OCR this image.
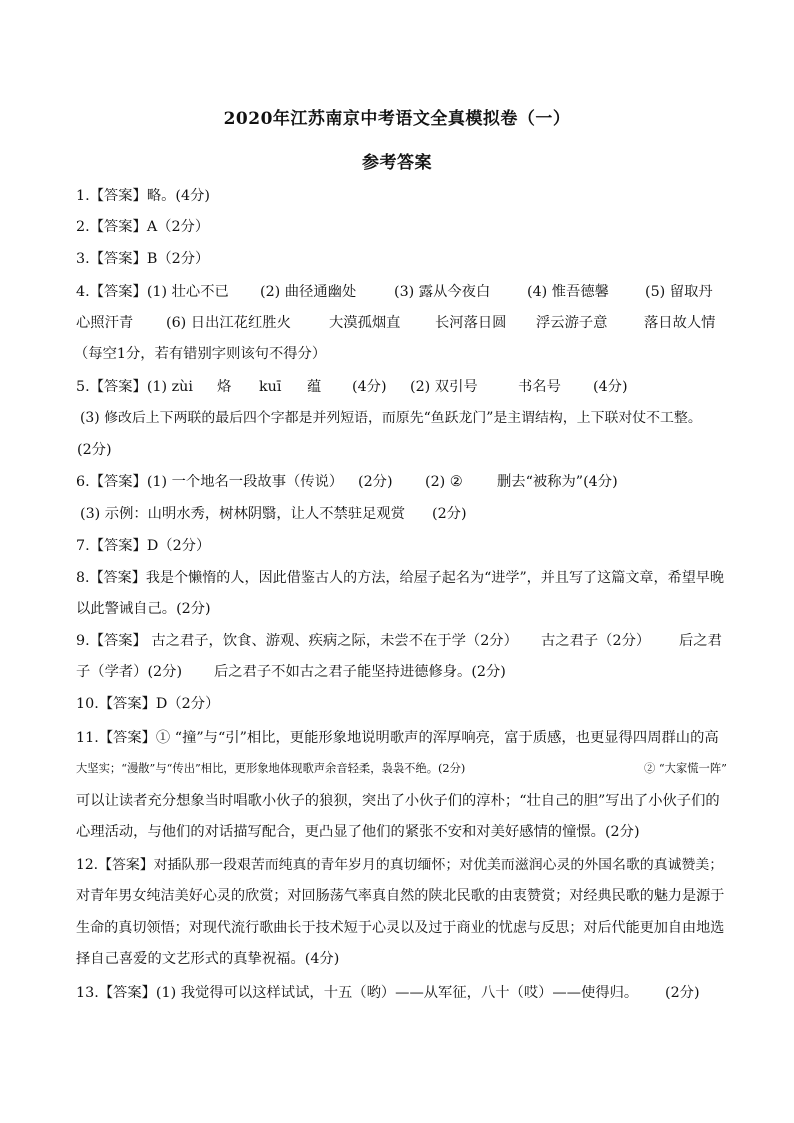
2020年江苏南京中考语文全真模拟卷（一）
参考答案
1.【答案】略。(4分)
2.【答案】A（2分）
3.【答案】B（2分）
4.【答案】(1) 壮心不已 (2) 曲径通幽处	(3) 露从今夜白	(4) 惟吾德馨	(5) 留取丹
心照汗青 (6) 日出江花红胜火	大漠孤烟直 长河落日圆 浮云游子意	落日故人情
（每空1分，若有错别字则该句不得分）
5.【答案】(1) zùi 烙 kuī 蕴 (4分) (2) 双引号	书名号 (4分)
(3) 修改后上下两联的最后四个字都是并列短语，而原先“鱼跃龙门”是主谓结构，上下联对仗不工整。
(2分)
6.【答案】(1) 一个地名一段故事（传说） (2分) (2) ② 删去“被称为”(4分)
(3) 示例：山明水秀，树林阴翳，让人不禁驻足观赏 (2分)
7.【答案】D（2分）
8.【答案】我是个懒惰的人，因此借鉴古人的方法，给屋子起名为“进学”，并且写了这篇文章，希望早晚
以此警诫自己。(2分)
9.【答案】 古之君子，饮食、游观、疾病之际，未尝不在于学（2分） 古之君子（2分） 后之君
子（学者）(2分) 后之君子不如古之君子能坚持进德修身。(2分)
10.【答案】D（2分）
11.【答案】① “撞”与“引”相比，更能形象地说明歌声的浑厚响亮，富于质感，也更显得四周群山的高
大坚实；“漫散”与“传出”相比，更形象地体现歌声余音轻柔，袅袅不绝。(2分)	② “大家慌一阵”
可以让读者充分想象当时唱歌小伙子的狼狈，突出了小伙子们的淳朴；“壮自己的胆”写出了小伙子们的
心理活动，与他们的对话描写配合，更凸显了他们的紧张不安和对美好感情的憧憬。(2分)
12.【答案】对插队那一段艰苦而纯真的青年岁月的真切缅怀；对优美而滋润心灵的外国名歌的真诚赞美；
对青年男女纯洁美好心灵的欣赏；对回肠荡气率真自然的陕北民歌的由衷赞赏；对经典民歌的魅力是源于
生命的真切领悟；对现代流行歌曲长于技术短于心灵以及过于商业的忧虑与反思；对后代能更加自由地选
择自己喜爱的文艺形式的真挚祝福。(4分)
13.【答案】(1) 我觉得可以这样试试，十五（哟）——从军征，八十（哎）——使得归。 (2分)
